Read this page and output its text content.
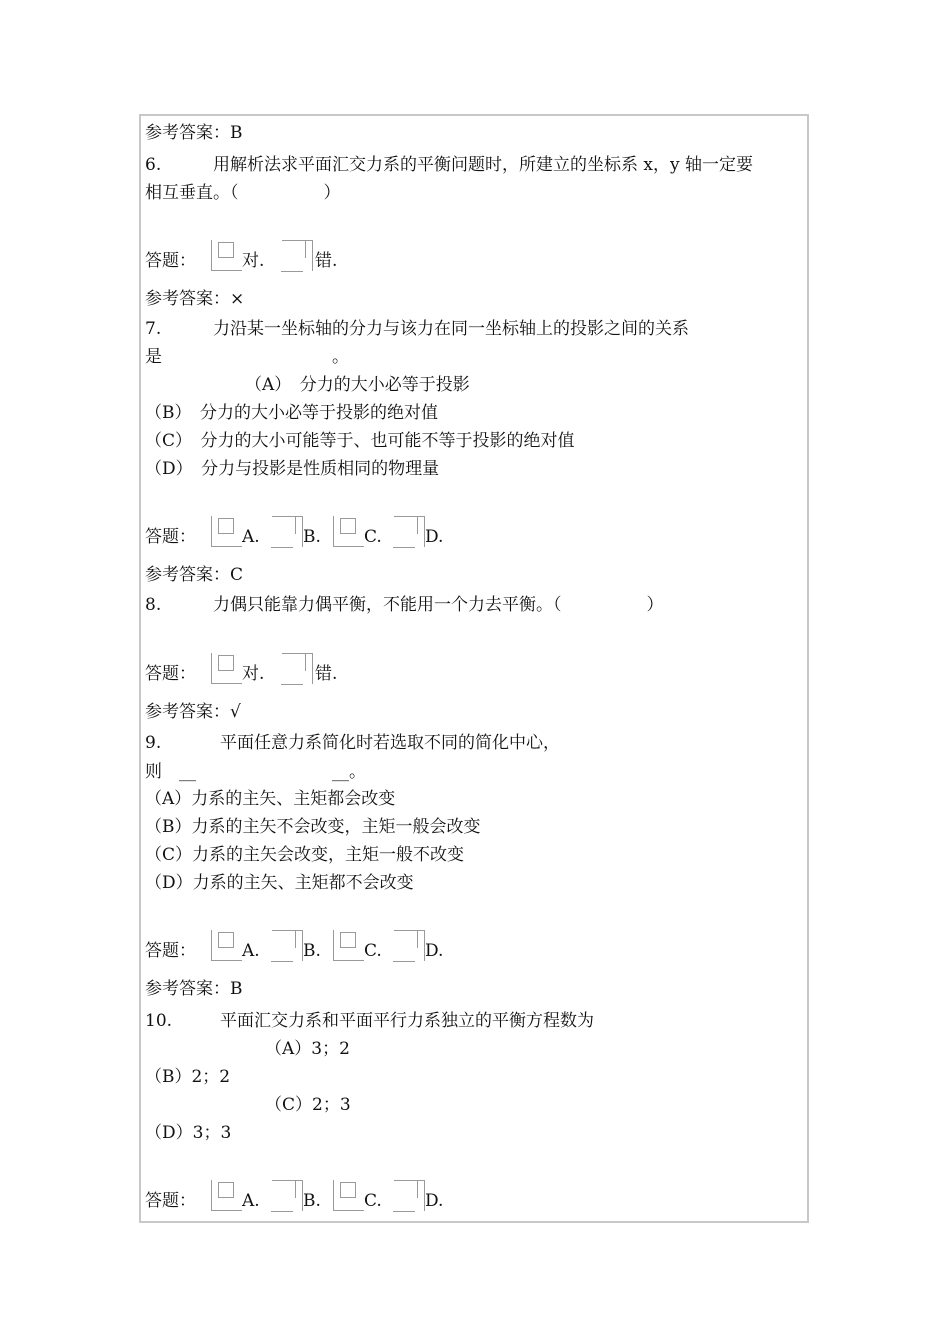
参考答案：B
6.	用解析法求平面汇交力系的平衡问题时，所建立的坐标系 x，y 轴一定要
相互垂直。（　　　　　）
答题：	对.	错.
参考答案：×
7.	力沿某一坐标轴的分力与该力在同一坐标轴上的投影之间的关系
是　　　　　　　　　　。
（A）　分力的大小必等于投影
（B）　分力的大小必等于投影的绝对值
（C）　分力的大小可能等于、也可能不等于投影的绝对值
（D）　分力与投影是性质相同的物理量
答题：	A.	B.	C.	D.
参考答案：C
8.	力偶只能靠力偶平衡，不能用一个力去平衡。（　　　　　）
答题：	对.	错.
参考答案：√
9.	平面任意力系简化时若选取不同的简化中心，
则　__　　　　　　　　__。
（A）力系的主矢、主矩都会改变
（B）力系的主矢不会改变，主矩一般会改变
（C）力系的主矢会改变，主矩一般不改变
（D）力系的主矢、主矩都不会改变
答题：	A.	B.	C.	D.
参考答案：B
10.	平面汇交力系和平面平行力系独立的平衡方程数为
（A）3；2
（B）2；2
（C）2；3
（D）3；3
答题：	A.	B.	C.	D.
